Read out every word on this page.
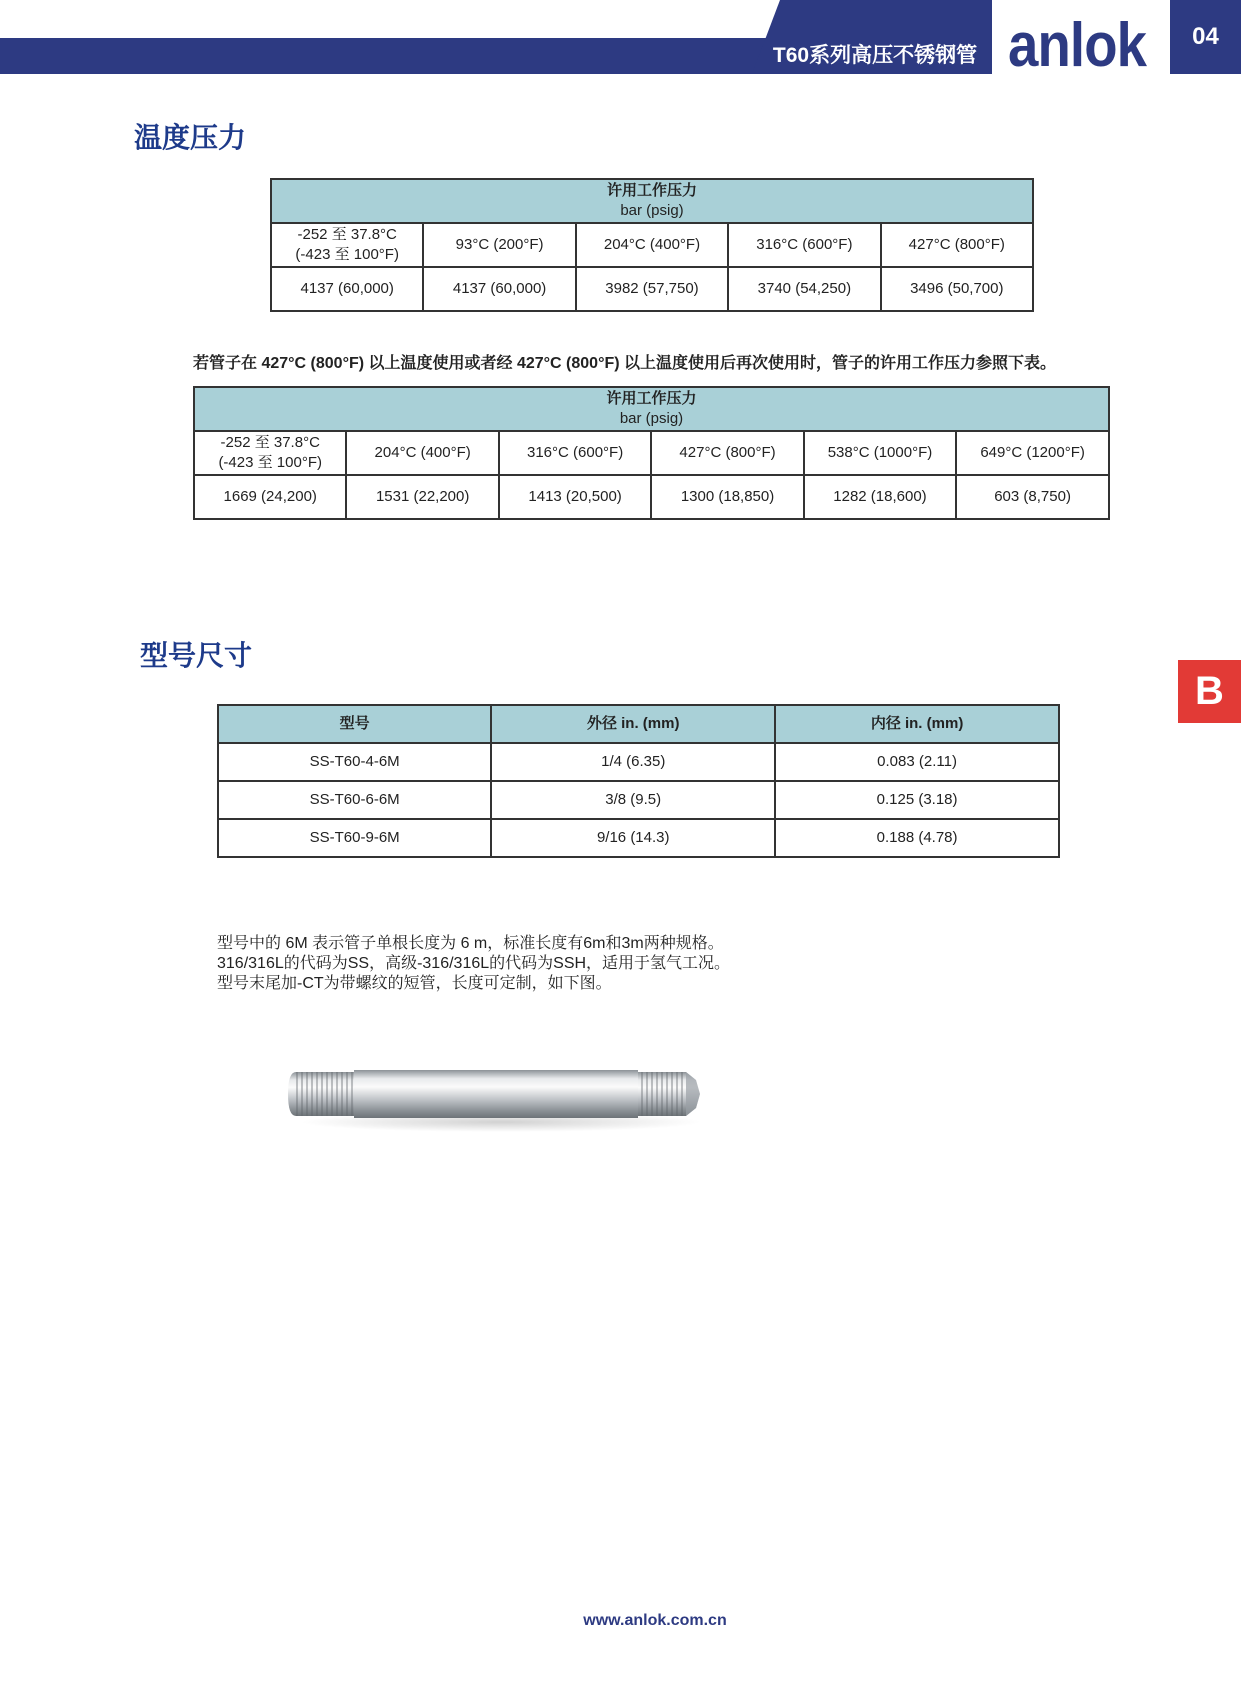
T60系列高压不锈钢管 anlok	04
B
温度压力
许用工作压力
bar (psig)				

-252 至 37.8°C
(-423 至 100°F)	93°C (200°F)	204°C (400°F)	316°C (600°F)	427°C (800°F)

4137 (60,000)	4137 (60,000)	3982 (57,750)	3740 (54,250)	3496 (50,700)
若管子在 427°C (800°F) 以上温度使用或者经 427°C (800°F) 以上温度使用后再次使用时，管子的许用工作压力参照下表。
许用工作压力
bar (psig)					

-252 至 37.8°C
(-423 至 100°F)	204°C (400°F)	316°C (600°F)	427°C (800°F)	538°C (1000°F)	649°C (1200°F)

1669 (24,200)	1531 (22,200)	1413 (20,500)	1300 (18,850)	1282 (18,600)	603 (8,750)
型号尺寸
型号	外径 in. (mm)	内径 in. (mm)
SS-T60-4-6M	1/4 (6.35)	0.083 (2.11)
SS-T60-6-6M	3/8 (9.5)	0.125 (3.18)
SS-T60-9-6M	9/16 (14.3)	0.188 (4.78)
型号中的 6M 表示管子单根长度为 6 m，标准长度有6m和3m两种规格。
316/316L的代码为SS，高级-316/316L的代码为SSH，适用于氢气工况。
型号末尾加-CT为带螺纹的短管，长度可定制，如下图。
www.anlok.com.cn
